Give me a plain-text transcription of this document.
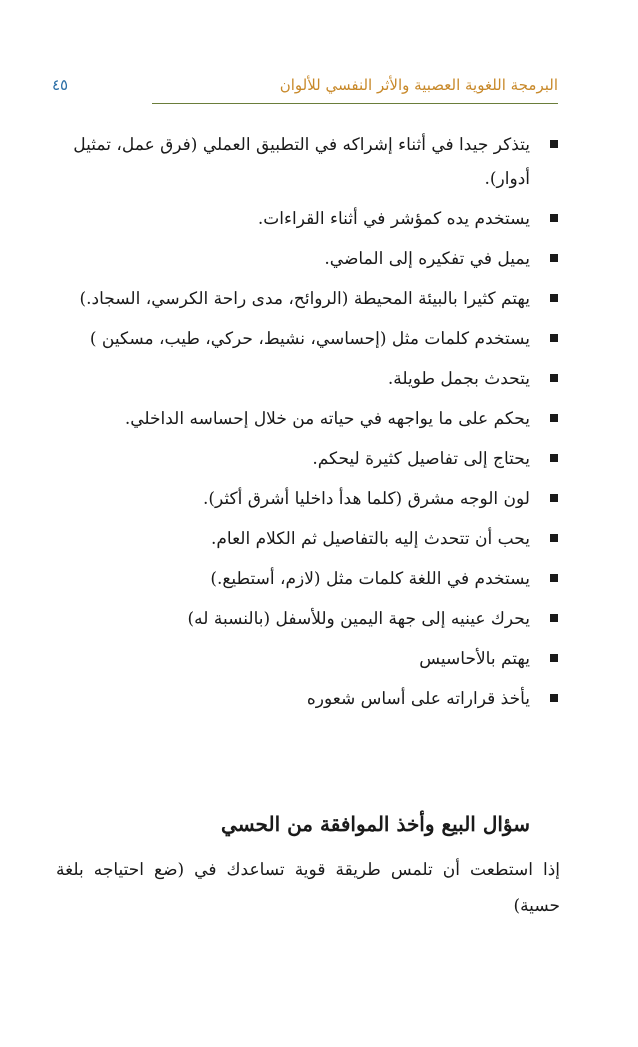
البرمجة اللغوية العصبية والأثر النفسي للألوان
٤٥
يتذكر جيدا في أثناء إشراكه في التطبيق العملي (فرق عمل، تمثيل أدوار).
يستخدم يده كمؤشر في أثناء القراءات.
يميل في تفكيره إلى الماضي.
يهتم كثيرا بالبيئة المحيطة (الروائح، مدى راحة الكرسي، السجاد.)
يستخدم كلمات مثل (إحساسي، نشيط، حركي، طيب، مسكين )
يتحدث بجمل طويلة.
يحكم على ما يواجهه في حياته من خلال إحساسه الداخلي.
يحتاج إلى تفاصيل كثيرة ليحكم.
لون الوجه مشرق (كلما هدأ داخليا أشرق أكثر).
يحب أن تتحدث إليه بالتفاصيل ثم الكلام العام.
يستخدم في اللغة كلمات مثل (لازم، أستطيع.)
يحرك عينيه إلى جهة اليمين وللأسفل (بالنسبة له)
يهتم بالأحاسيس
يأخذ قراراته على أساس شعوره
سؤال البيع وأخذ الموافقة من الحسي

إذا استطعت أن تلمس طريقة قوية تساعدك في (ضع احتياجه بلغة حسية)
